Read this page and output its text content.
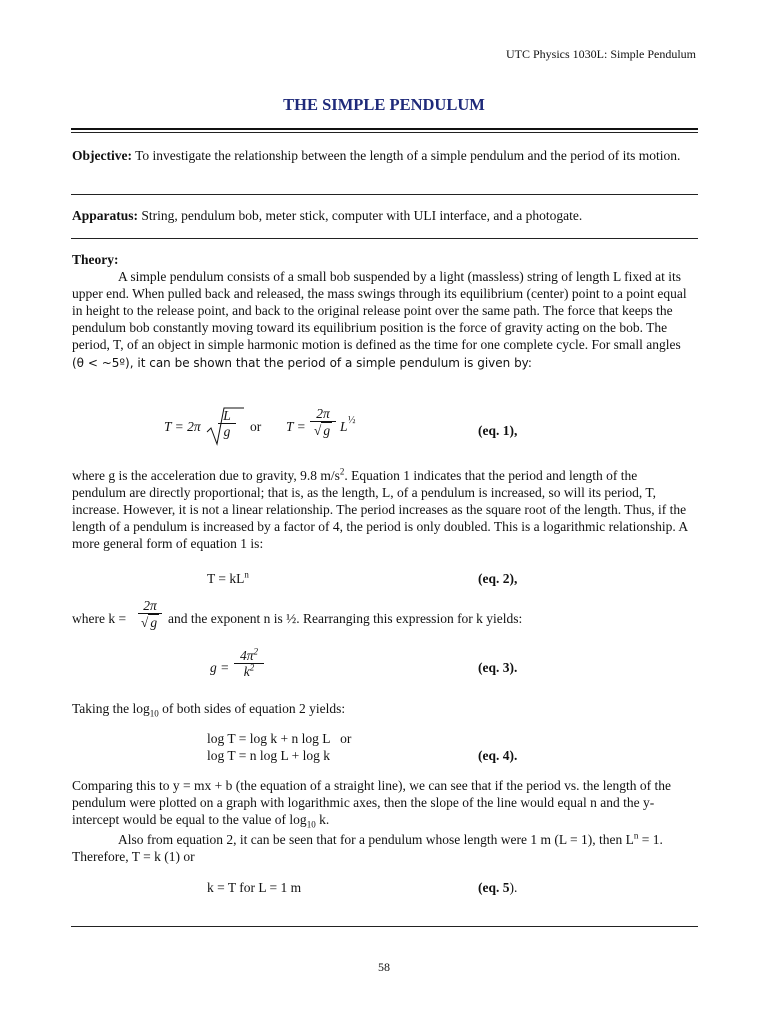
UTC Physics 1030L: Simple Pendulum
THE SIMPLE PENDULUM
Objective: To investigate the relationship between the length of a simple pendulum and the period of its motion.
Apparatus: String, pendulum bob, meter stick, computer with ULI interface, and a photogate.
Theory:
A simple pendulum consists of a small bob suspended by a light (massless) string of length L fixed at its upper end. When pulled back and released, the mass swings through its equilibrium (center) point to a point equal in height to the release point, and back to the original release point over the same path. The force that keeps the pendulum bob constantly moving toward its equilibrium position is the force of gravity acting on the bob. The period, T, of an object in simple harmonic motion is defined as the time for one complete cycle. For small angles (θ < ~5º), it can be shown that the period of a simple pendulum is given by:
$T = 2\pi \frac{L}{g}$ or $T = \frac{2\pi}{√ g}$ L ½
(eq. 1),
where g is the acceleration due to gravity, 9.8 $m/s^2$. Equation 1 indicates that the period and length of the pendulum are directly proportional; that is, as the length, L, of a pendulum is increased, so will its period, T, increase. However, it is not a linear relationship. The period increases as the square root of the length. Thus, if the length of a pendulum is increased by a factor of 4, the period is only doubled. This is a logarithmic relationship. A more general form of equation 1 is:
$T = kL^n$	(eq. 2),
where $k = \frac{2\pi}{√ g}$ and the exponent n is ½. Rearranging this expression for k yields:
$g = \frac{4\pi^2}{k^2}$	(eq. 3).
Taking the $\log_{10}$ of both sides of equation 2 yields:
log T = log k + n log L   or
log T = n log L + log k	(eq. 4).
Comparing this to y = mx + b (the equation of a straight line), we can see that if the period vs. the length of the pendulum were plotted on a graph with logarithmic axes, then the slope of the line would equal n and the y-intercept would be equal to the value of $\log_{10} k$.
Also from equation 2, it can be seen that for a pendulum whose length were 1 m (L = 1), then $L^n = 1$. Therefore, T = k (1) or
k = T for L = 1 m	(eq. 5).
58
